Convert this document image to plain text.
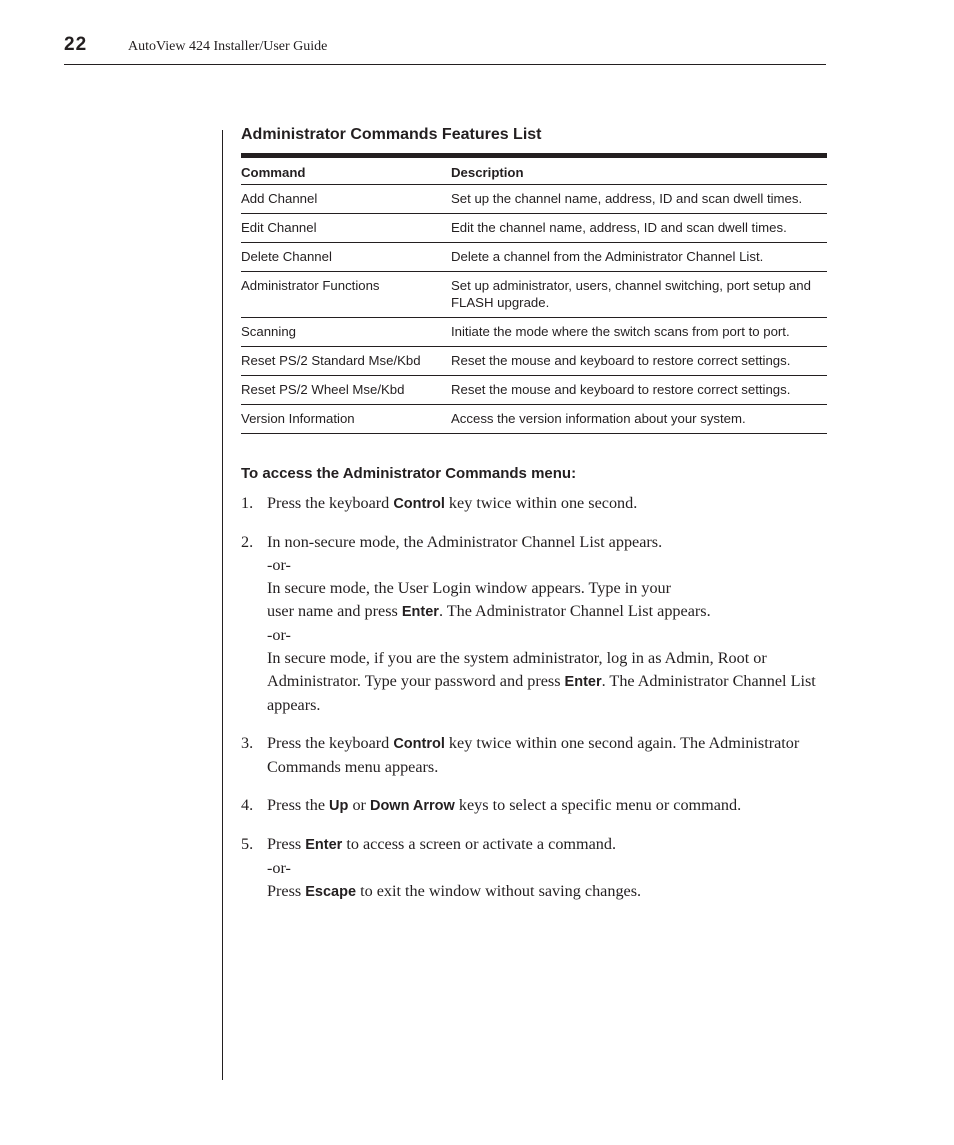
22	AutoView 424 Installer/User Guide
Administrator Commands Features List
Command	Description
Add Channel	Set up the channel name, address, ID and scan dwell times.
Edit Channel	Edit the channel name, address, ID and scan dwell times.
Delete Channel	Delete a channel from the Administrator Channel List.
Administrator Functions	Set up administrator, users, channel switching, port setup and FLASH upgrade.
Scanning	Initiate the mode where the switch scans from port to port.
Reset PS/2 Standard Mse/Kbd	Reset the mouse and keyboard to restore correct settings.
Reset PS/2 Wheel Mse/Kbd	Reset the mouse and keyboard to restore correct settings.
Version Information	Access the version information about your system.
To access the Administrator Commands menu:
1. Press the keyboard Control key twice within one second.
2. In non-secure mode, the Administrator Channel List appears.
-or-
In secure mode, the User Login window appears. Type in your
user name and press Enter. The Administrator Channel List appears.
-or-
In secure mode, if you are the system administrator, log in as Admin, Root or Administrator. Type your password and press Enter. The Administrator Channel List appears.
3. Press the keyboard Control key twice within one second again. The Administrator Commands menu appears.
4. Press the Up or Down Arrow keys to select a specific menu or command.
5. Press Enter to access a screen or activate a command.
-or-
Press Escape to exit the window without saving changes.
